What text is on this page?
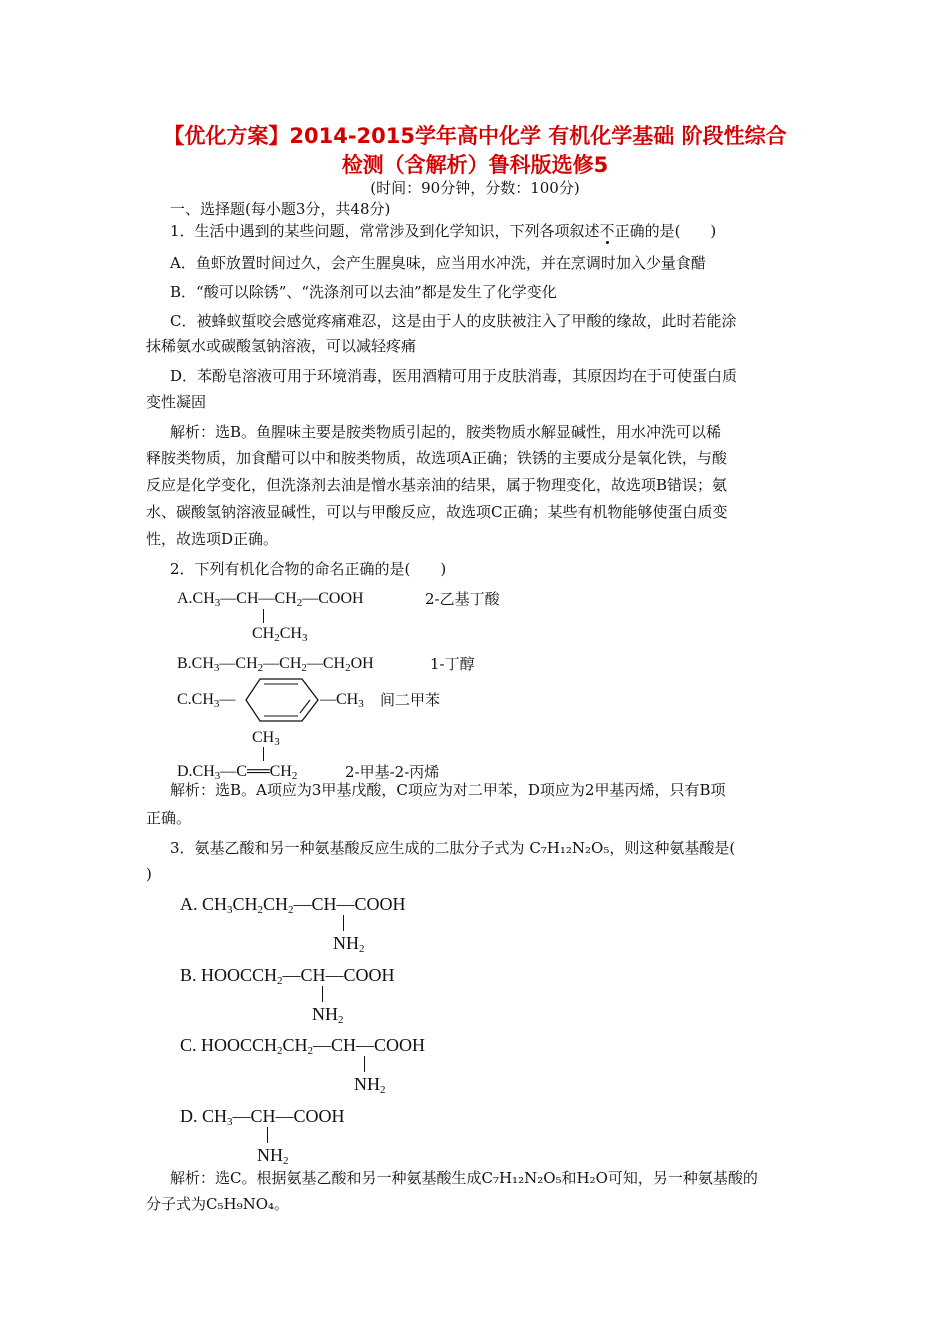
【优化方案】2014-2015学年高中化学 有机化学基础 阶段性综合
检测（含解析）鲁科版选修5
(时间：90分钟，分数：100分)
一、选择题(每小题3分，共48分)
1．生活中遇到的某些问题，常常涉及到化学知识，下列各项叙述不正确的是(　　)
A．鱼虾放置时间过久，会产生腥臭味，应当用水冲洗，并在烹调时加入少量食醋
B．“酸可以除锈”、“洗涤剂可以去油”都是发生了化学变化
C．被蜂蚁蜇咬会感觉疼痛难忍，这是由于人的皮肤被注入了甲酸的缘故，此时若能涂
抹稀氨水或碳酸氢钠溶液，可以减轻疼痛
D．苯酚皂溶液可用于环境消毒，医用酒精可用于皮肤消毒，其原因均在于可使蛋白质
变性凝固
解析：选B。鱼腥味主要是胺类物质引起的，胺类物质水解显碱性，用水冲洗可以稀
释胺类物质，加食醋可以中和胺类物质，故选项A正确；铁锈的主要成分是氧化铁，与酸
反应是化学变化，但洗涤剂去油是憎水基亲油的结果，属于物理变化，故选项B错误；氨
水、碳酸氢钠溶液显碱性，可以与甲酸反应，故选项C正确；某些有机物能够使蛋白质变
性，故选项D正确。
2．下列有机化合物的命名正确的是(　　)
$A.CH_3—CH—CH_2—COOH$	2-乙基丁酸
$CH_2CH_3$
$B.CH_3—CH_2—CH_2—CH_2OH$	1-丁醇
$C.CH_3—$	$—CH_3$ 间二甲苯
$CH_3$
$D.CH_3—C══CH_2$	2-甲基-2-丙烯
解析：选B。A项应为3甲基戊酸，C项应为对二甲苯，D项应为2甲基丙烯，只有B项
正确。
3．氨基乙酸和另一种氨基酸反应生成的二肽分子式为 C₇H₁₂N₂O₅，则这种氨基酸是(
)
A. $CH_3CH_2CH_2—CH—COOH$
$NH_2$
B. $HOOCCH_2—CH—COOH$
$NH_2$
C. $HOOCCH_2CH_2—CH—COOH$
$NH_2$
D. $CH_3—CH—COOH$
$NH_2$
解析：选C。根据氨基乙酸和另一种氨基酸生成C₇H₁₂N₂O₅和H₂O可知，另一种氨基酸的
分子式为C₅H₉NO₄。
